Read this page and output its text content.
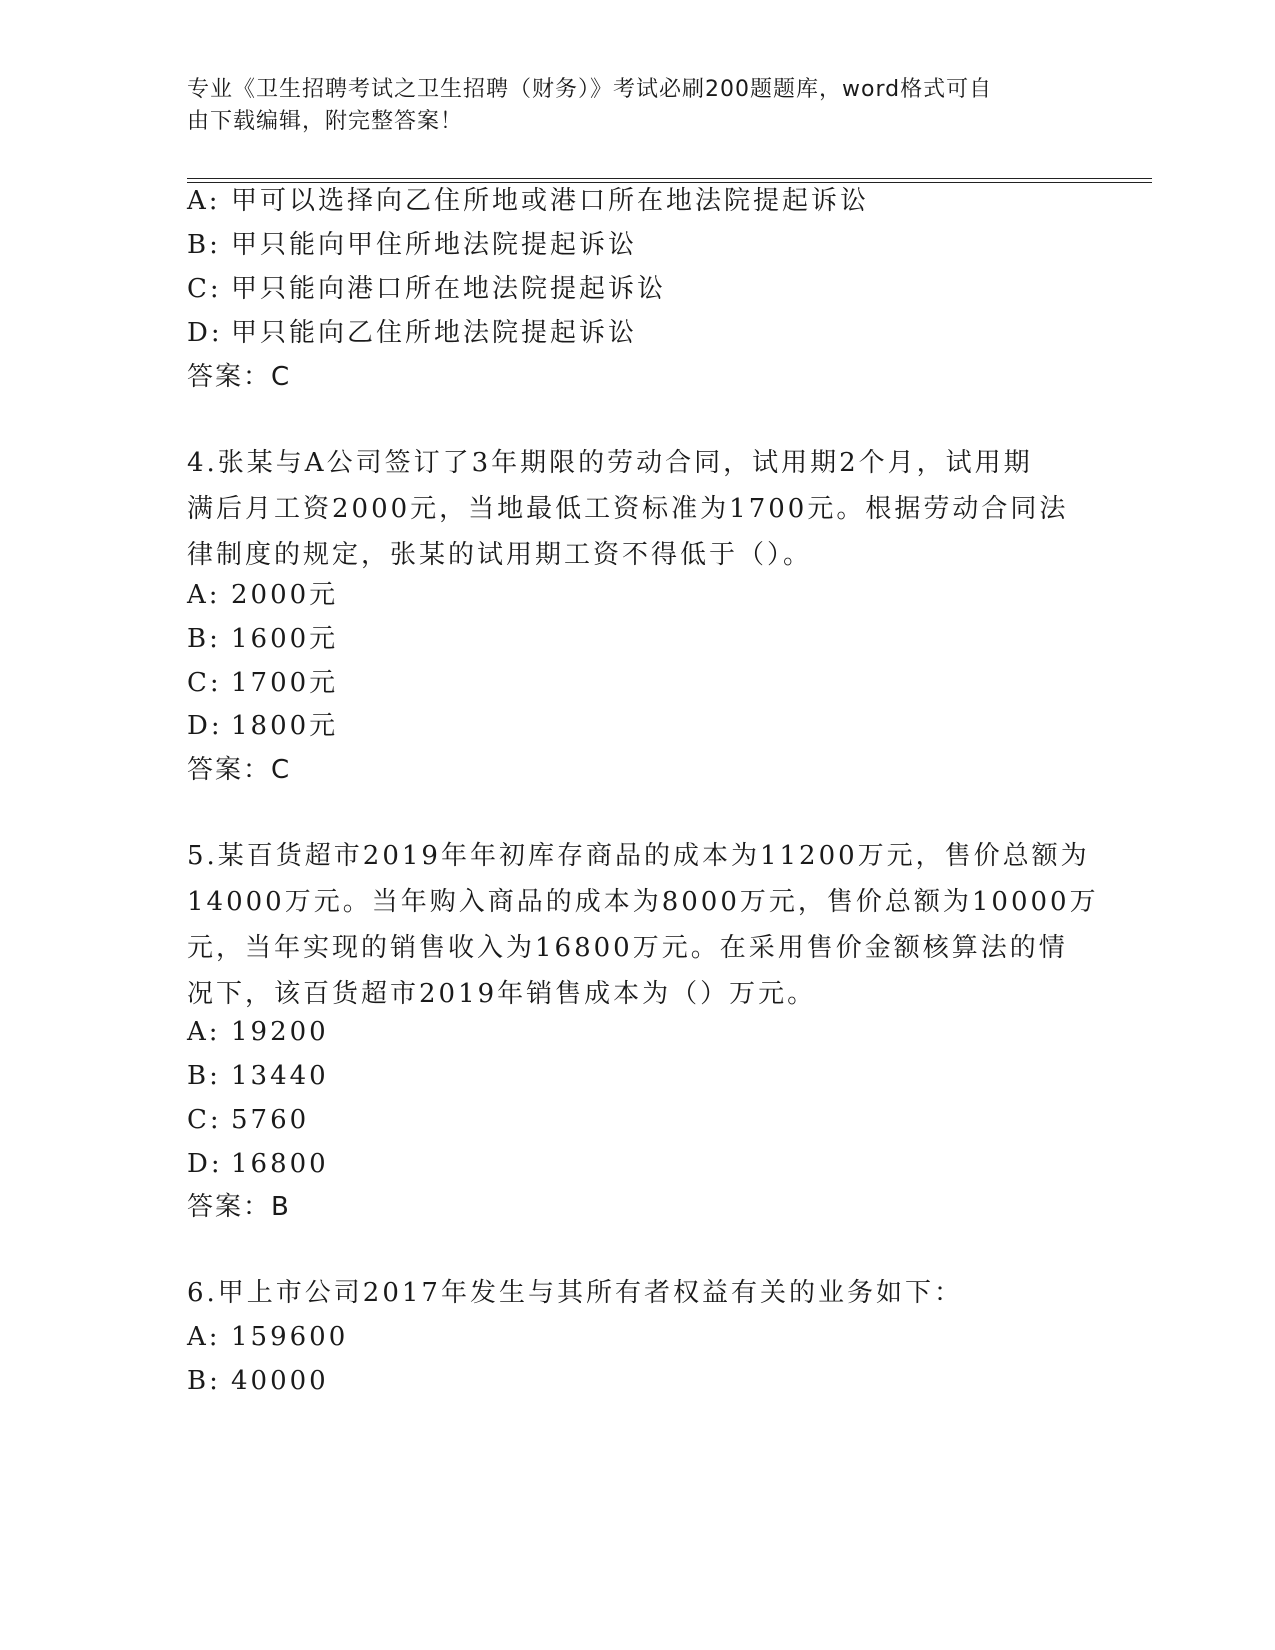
专业《卫生招聘考试之卫生招聘（财务）》考试必刷200题题库，word格式可自
由下载编辑，附完整答案！
A: 甲可以选择向乙住所地或港口所在地法院提起诉讼
B: 甲只能向甲住所地法院提起诉讼
C: 甲只能向港口所在地法院提起诉讼
D: 甲只能向乙住所地法院提起诉讼
答案：C
4.张某与A公司签订了3年期限的劳动合同，试用期2个月，试用期
满后月工资2000元，当地最低工资标准为1700元。根据劳动合同法
律制度的规定，张某的试用期工资不得低于（）。
A: 2000元
B: 1600元
C: 1700元
D: 1800元
答案：C
5.某百货超市2019年年初库存商品的成本为11200万元，售价总额为
14000万元。当年购入商品的成本为8000万元，售价总额为10000万
元，当年实现的销售收入为16800万元。在采用售价金额核算法的情
况下，该百货超市2019年销售成本为（）万元。
A: 19200
B: 13440
C: 5760
D: 16800
答案：B
6.甲上市公司2017年发生与其所有者权益有关的业务如下：
A: 159600
B: 40000
